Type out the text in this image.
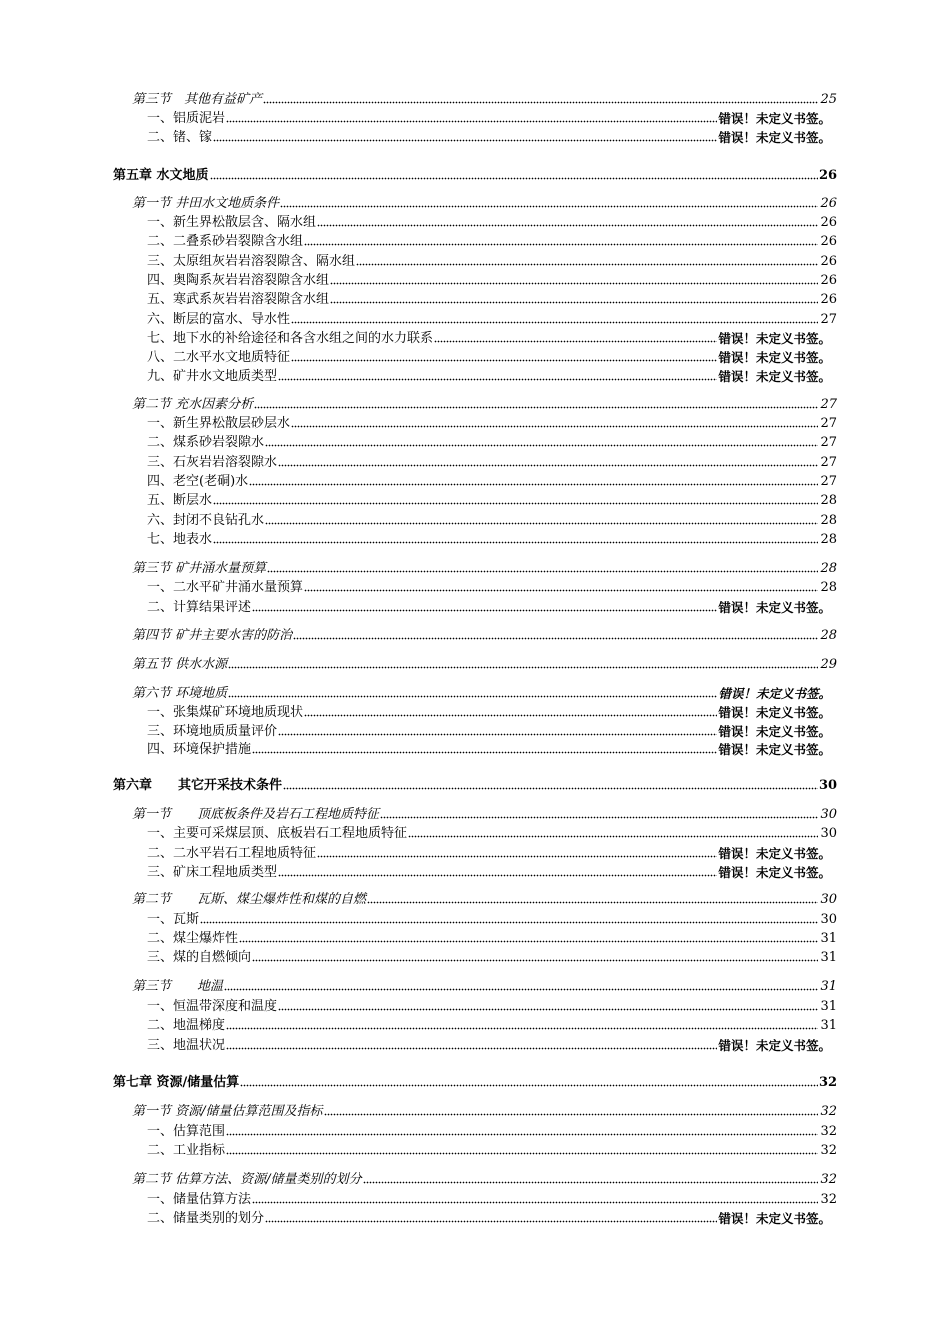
第三节　其他有益矿产	25
一、铝质泥岩	错误！未定义书签。
二、锗、镓	错误！未定义书签。
第五章 水文地质	26
第一节 井田水文地质条件	26
一、新生界松散层含、隔水组	26
二、二叠系砂岩裂隙含水组	26
三、太原组灰岩岩溶裂隙含、隔水组	26
四、奥陶系灰岩岩溶裂隙含水组	26
五、寒武系灰岩岩溶裂隙含水组	26
六、断层的富水、导水性	27
七、地下水的补给途径和各含水组之间的水力联系	错误！未定义书签。
八、二水平水文地质特征	错误！未定义书签。
九、矿井水文地质类型	错误！未定义书签。
第二节 充水因素分析	27
一、新生界松散层砂层水	27
二、煤系砂岩裂隙水	27
三、石灰岩岩溶裂隙水	27
四、老空(老硐)水	27
五、断层水	28
六、封闭不良钻孔水	28
七、地表水	28
第三节 矿井涌水量预算	28
一、二水平矿井涌水量预算	28
二、计算结果评述	错误！未定义书签。
第四节 矿井主要水害的防治	28
第五节 供水水源	29
第六节 环境地质	错误！未定义书签。
一、张集煤矿环境地质现状	错误！未定义书签。
三、环境地质质量评价	错误！未定义书签。
四、环境保护措施	错误！未定义书签。
第六章　　其它开采技术条件	30
第一节　　顶底板条件及岩石工程地质特征	30
一、主要可采煤层顶、底板岩石工程地质特征	30
二、二水平岩石工程地质特征	错误！未定义书签。
三、矿床工程地质类型	错误！未定义书签。
第二节　　瓦斯、煤尘爆炸性和煤的自燃	30
一、瓦斯	30
二、煤尘爆炸性	31
三、煤的自燃倾向	31
第三节　　地温	31
一、恒温带深度和温度	31
二、地温梯度	31
三、地温状况	错误！未定义书签。
第七章 资源/储量估算	32
第一节 资源/储量估算范围及指标	32
一、估算范围	32
二、工业指标	32
第二节 估算方法、资源/储量类别的划分	32
一、储量估算方法	32
二、储量类别的划分	错误！未定义书签。
